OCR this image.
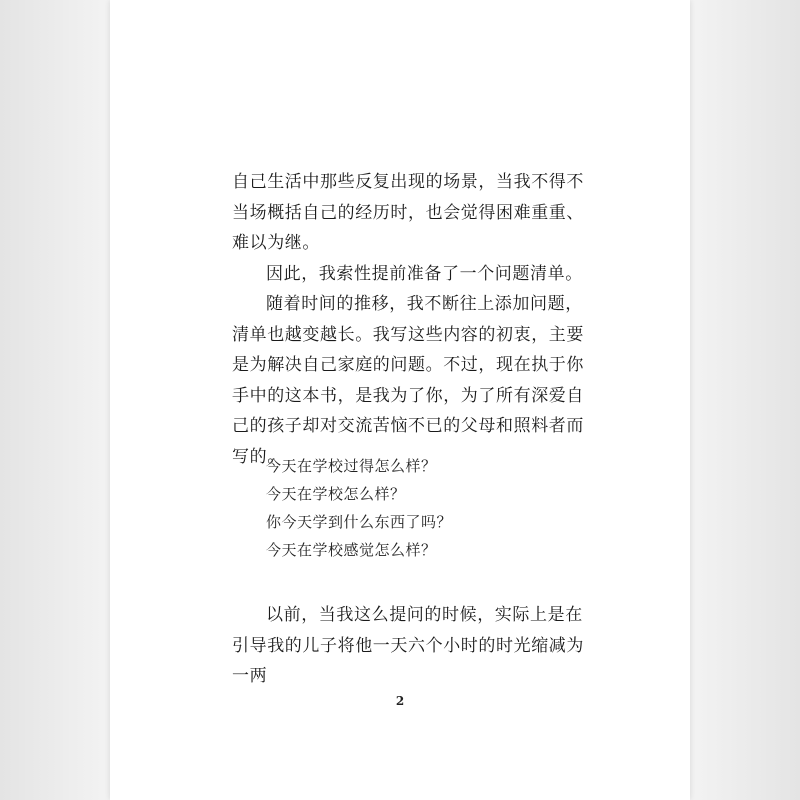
自己生活中那些反复出现的场景，当我不得不当场概括自己的经历时，也会觉得困难重重、难以为继。

因此，我索性提前准备了一个问题清单。

随着时间的推移，我不断往上添加问题，清单也越变越长。我写这些内容的初衷，主要是为解决自己家庭的问题。不过，现在执于你手中的这本书，是我为了你，为了所有深爱自己的孩子却对交流苦恼不已的父母和照料者而写的。

今天在学校过得怎么样？
今天在学校怎么样？
你今天学到什么东西了吗？
今天在学校感觉怎么样？

以前，当我这么提问的时候，实际上是在引导我的儿子将他一天六个小时的时光缩减为一两

2
